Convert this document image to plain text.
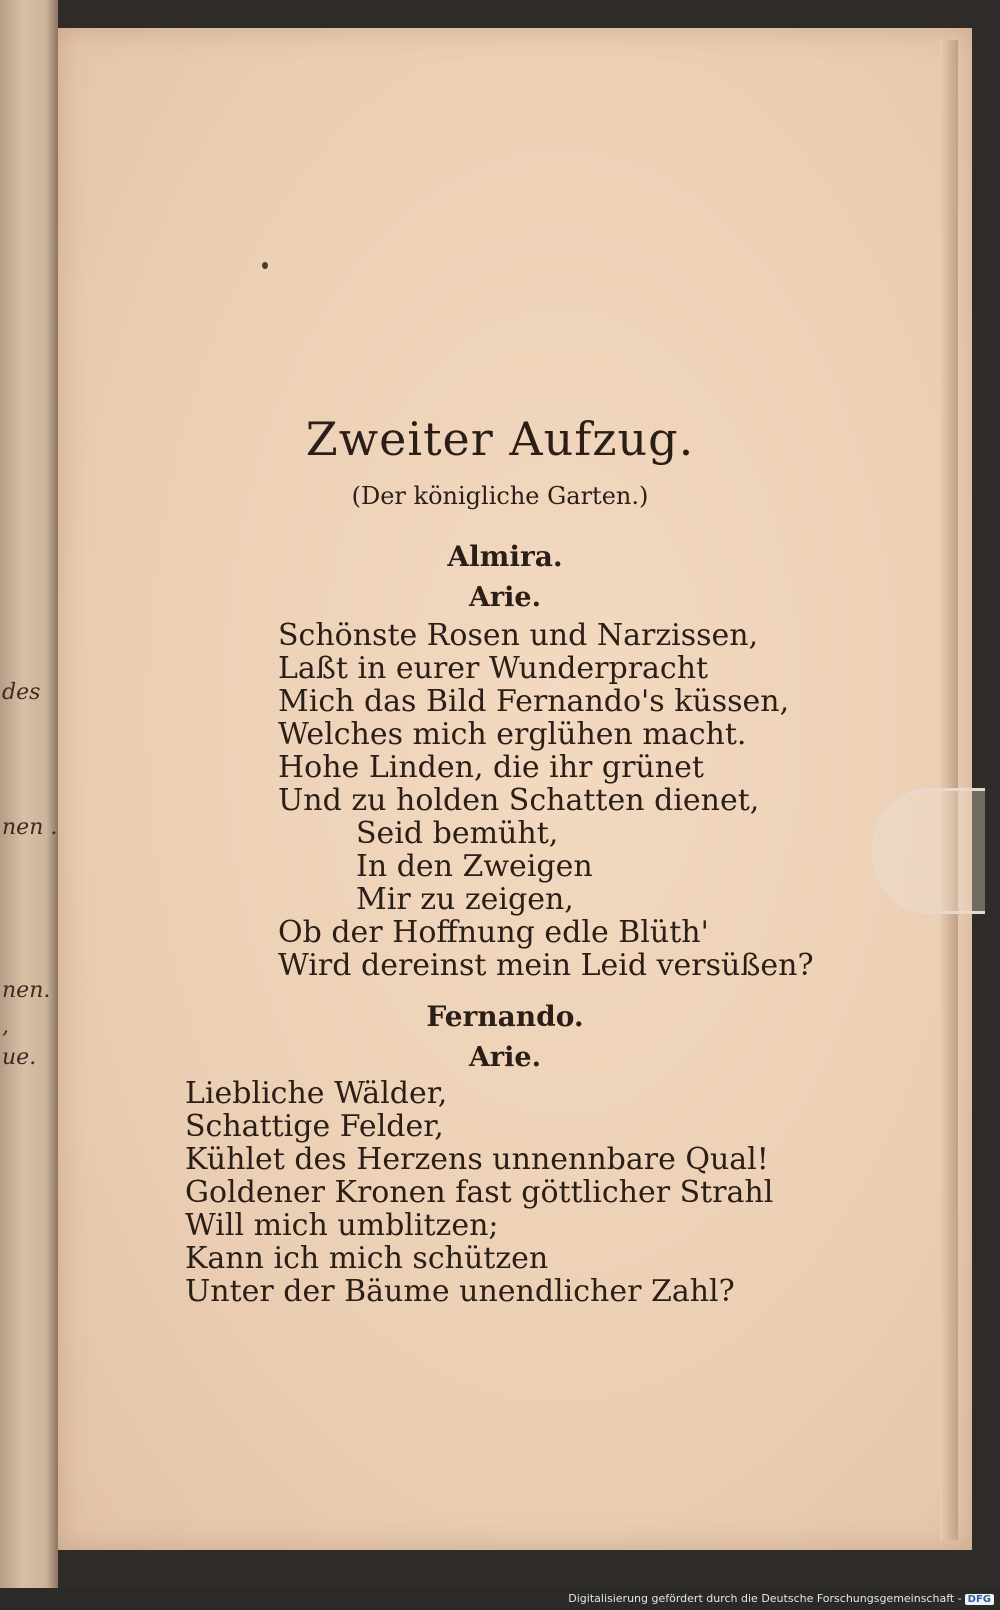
des
nen .
nen.
,
ue.
Zweiter Aufzug.
(Der königliche Garten.)
Almira.
Arie.
Schönste Rosen und Narzissen,
Laßt in eurer Wunderpracht
Mich das Bild Fernando's küssen,
Welches mich erglühen macht.
Hohe Linden, die ihr grünet
Und zu holden Schatten dienet,
Seid bemüht,
In den Zweigen
Mir zu zeigen,
Ob der Hoffnung edle Blüth'
Wird dereinst mein Leid versüßen?
Fernando.
Arie.
Liebliche Wälder,
Schattige Felder,
Kühlet des Herzens unnennbare Qual!
Goldener Kronen fast göttlicher Strahl
Will mich umblitzen;
Kann ich mich schützen
Unter der Bäume unendlicher Zahl?
Digitalisierung gefördert durch die Deutsche Forschungsgemeinschaft - DFG
